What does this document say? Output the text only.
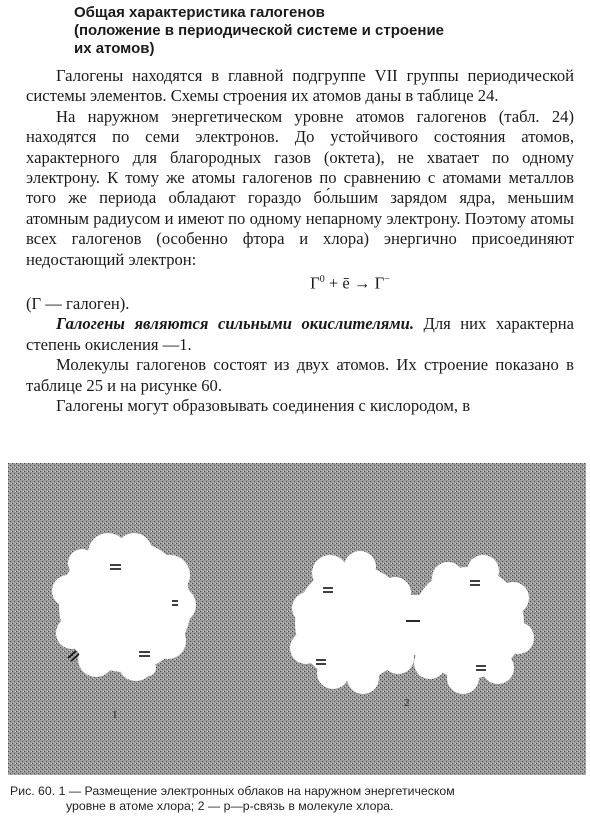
Общая характеристика галогенов
(положение в периодической системе и строение
их атомов)

Галогены находятся в главной подгруппе VII группы периодической системы элементов. Схемы строения их атомов даны в таблице 24.

На наружном энергетическом уровне атомов галогенов (табл. 24) находятся по семи электронов. До устойчивого состояния атомов, характерного для благородных газов (октета), не хватает по одному электрону. К тому же атомы галогенов по сравнению с атомами металлов того же периода обладают гораздо бо́льшим зарядом ядра, меньшим атомным радиусом и имеют по одному непарному электрону. Поэтому атомы всех галогенов (особенно фтора и хлора) энергично присоединяют недостающий электрон:

$Г^0$ + ē → Г−

(Г — галоген).

Галогены являются сильными окислителями. Для них характерна степень окисления —1.

Молекулы галогенов состоят из двух атомов. Их строение показано в таблице 25 и на рисунке 60.

Галогены могут образовывать соединения с кислородом, в

1
2
Рис. 60. 1 — Размещение электронных облаков на наружном энергетическом
уровне в атоме хлора; 2 — p—p-связь в молекуле хлора.
